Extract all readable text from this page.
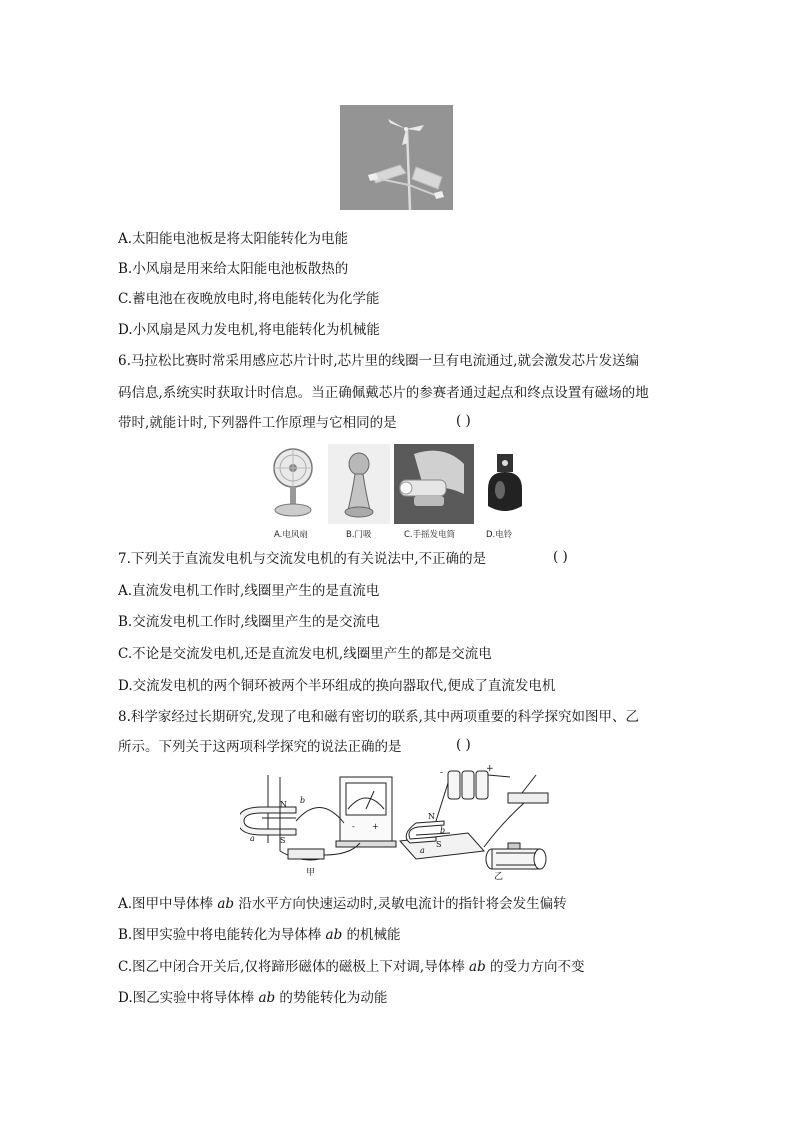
A.太阳能电池板是将太阳能转化为电能
B.小风扇是用来给太阳能电池板散热的
C.蓄电池在夜晚放电时,将电能转化为化学能
D.小风扇是风力发电机,将电能转化为机械能
6.马拉松比赛时常采用感应芯片计时,芯片里的线圈一旦有电流通过,就会激发芯片发送编
码信息,系统实时获取计时信息。当正确佩戴芯片的参赛者通过起点和终点设置有磁场的地
带时,就能计时,下列器件工作原理与它相同的是	( )
A.电风扇	B.门吸	C.手摇发电筒	D.电铃
7.下列关于直流发电机与交流发电机的有关说法中,不正确的是	( )
A.直流发电机工作时,线圈里产生的是直流电
B.交流发电机工作时,线圈里产生的是交流电
C.不论是交流发电机,还是直流发电机,线圈里产生的都是交流电
D.交流发电机的两个铜环被两个半环组成的换向器取代,便成了直流发电机
8.科学家经过长期研究,发现了电和磁有密切的联系,其中两项重要的科学探究如图甲、乙
所示。下列关于这两项科学探究的说法正确的是	( )
N
S
b
a
- +
甲
-	+
N
S
b
a
乙
A.图甲中导体棒 ab 沿水平方向快速运动时,灵敏电流计的指针将会发生偏转
B.图甲实验中将电能转化为导体棒 ab 的机械能
C.图乙中闭合开关后,仅将蹄形磁体的磁极上下对调,导体棒 ab 的受力方向不变
D.图乙实验中将导体棒 ab 的势能转化为动能
